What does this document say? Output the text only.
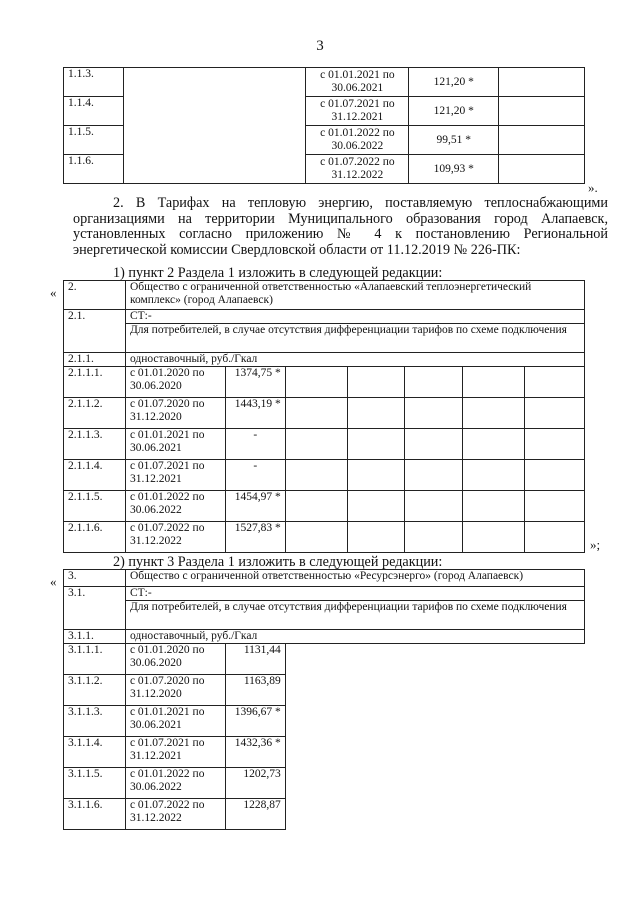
3
1.1.3.		с 01.01.2021 по 30.06.2021	121,20 *	
1.1.4.		с 01.07.2021 по 31.12.2021	121,20 *	
1.1.5.		с 01.01.2022 по 30.06.2022	99,51 *	
1.1.6.		с 01.07.2022 по 31.12.2022	109,93 *	
».

2. В Тарифах на тепловую энергию, поставляемую теплоснабжающими организациями на территории Муниципального образования город Алапаевск, установленных согласно приложению № 4 к постановлению Региональной энергетической комиссии Свердловской области от 11.12.2019 № 226-ПК:

1) пункт 2 Раздела 1 изложить в следующей редакции:
« 2.	Общество с ограниченной ответственностью «Алапаевский теплоэнергетический комплекс» (город Алапаевск)						
2.1.	СТ:-						
	Для потребителей, в случае отсутствия дифференциации тарифов по схеме подключения						
2.1.1.	одноставочный, руб./Гкал						
2.1.1.1.	с 01.01.2020 по 30.06.2020	1374,75 *					
2.1.1.2.	с 01.07.2020 по 31.12.2020	1443,19 *					
2.1.1.3.	с 01.01.2021 по 30.06.2021	-					
2.1.1.4.	с 01.07.2021 по 31.12.2021	-					
2.1.1.5.	с 01.01.2022 по 30.06.2022	1454,97 *					
2.1.1.6.	с 01.07.2022 по 31.12.2022	1527,83 *					
»;
2) пункт 3 Раздела 1 изложить в следующей редакции:
« 3.	Общество с ограниченной ответственностью «Ресурсэнерго» (город Алапаевск)		
3.1.	СТ:-		
	Для потребителей, в случае отсутствия дифференциации тарифов по схеме подключения		
3.1.1.	одноставочный, руб./Гкал		
3.1.1.1.	с 01.01.2020 по 30.06.2020	1131,44	
3.1.1.2.	с 01.07.2020 по 31.12.2020	1163,89	
3.1.1.3.	с 01.01.2021 по 30.06.2021	1396,67 *	
3.1.1.4.	с 01.07.2021 по 31.12.2021	1432,36 *	
3.1.1.5.	с 01.01.2022 по 30.06.2022	1202,73	
3.1.1.6.	с 01.07.2022 по 31.12.2022	1228,87	
